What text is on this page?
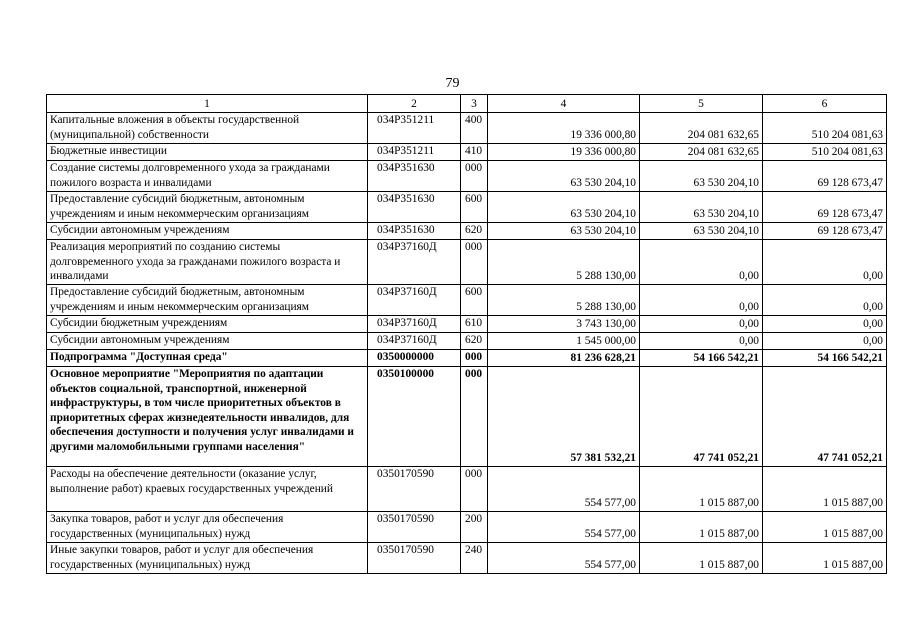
79
1	2	3	4	5	6
Капитальные вложения в объекты государственной (муниципальной) собственности	034P351211	400	19 336 000,80	204 081 632,65	510 204 081,63
Бюджетные инвестиции	034P351211	410	19 336 000,80	204 081 632,65	510 204 081,63
Создание системы долговременного ухода за гражданами пожилого возраста и инвалидами	034P351630	000	63 530 204,10	63 530 204,10	69 128 673,47
Предоставление субсидий бюджетным, автономным учреждениям и иным некоммерческим организациям	034P351630	600	63 530 204,10	63 530 204,10	69 128 673,47
Субсидии автономным учреждениям	034P351630	620	63 530 204,10	63 530 204,10	69 128 673,47
Реализация мероприятий по созданию системы долговременного ухода за гражданами пожилого возраста и инвалидами	034P37160Д	000	5 288 130,00	0,00	0,00
Предоставление субсидий бюджетным, автономным учреждениям и иным некоммерческим организациям	034P37160Д	600	5 288 130,00	0,00	0,00
Субсидии бюджетным учреждениям	034P37160Д	610	3 743 130,00	0,00	0,00
Субсидии автономным учреждениям	034P37160Д	620	1 545 000,00	0,00	0,00
Подпрограмма "Доступная среда"	0350000000	000	81 236 628,21	54 166 542,21	54 166 542,21
Основное мероприятие "Мероприятия по адаптации объектов социальной, транспортной, инженерной инфраструктуры, в том числе приоритетных объектов в приоритетных сферах жизнедеятельности инвалидов, для обеспечения доступности и получения услуг инвалидами и другими маломобильными группами населения"	0350100000	000	57 381 532,21	47 741 052,21	47 741 052,21
Расходы на обеспечение деятельности (оказание услуг, выполнение работ) краевых государственных учреждений	0350170590	000	554 577,00	1 015 887,00	1 015 887,00
Закупка товаров, работ и услуг для обеспечения государственных (муниципальных) нужд	0350170590	200	554 577,00	1 015 887,00	1 015 887,00
Иные закупки товаров, работ и услуг для обеспечения государственных (муниципальных) нужд	0350170590	240	554 577,00	1 015 887,00	1 015 887,00
